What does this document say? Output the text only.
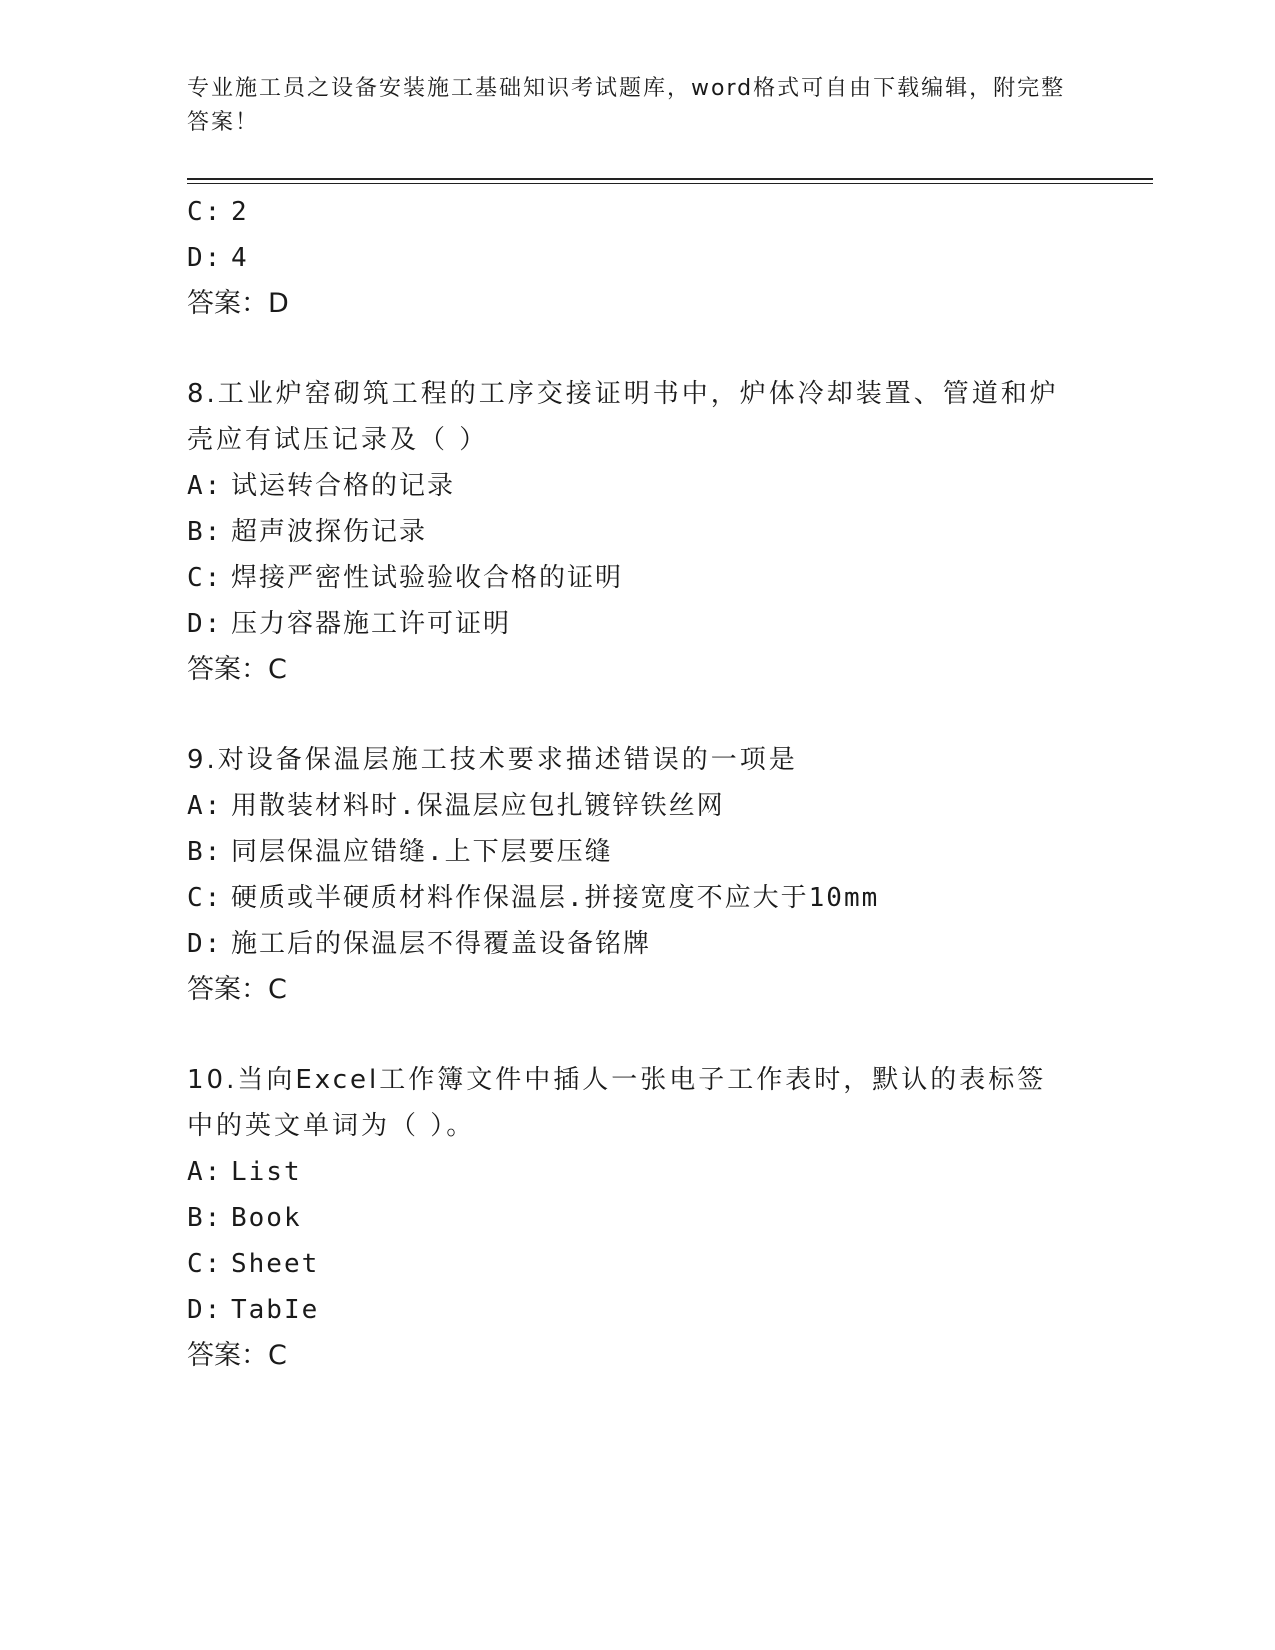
专业施工员之设备安装施工基础知识考试题库，word格式可自由下载编辑，附完整答案！
C: 2
D: 4
答案：D
8.工业炉窑砌筑工程的工序交接证明书中，炉体冷却装置、管道和炉壳应有试压记录及（ ）
A: 试运转合格的记录
B: 超声波探伤记录
C: 焊接严密性试验验收合格的证明
D: 压力容器施工许可证明
答案：C
9.对设备保温层施工技术要求描述错误的一项是
A: 用散装材料时.保温层应包扎镀锌铁丝网
B: 同层保温应错缝.上下层要压缝
C: 硬质或半硬质材料作保温层.拼接宽度不应大于10mm
D: 施工后的保温层不得覆盖设备铭牌
答案：C
10.当向Excel工作簿文件中插人一张电子工作表时，默认的表标签中的英文单词为（ ）。
A: List
B: Book
C: Sheet
D: TabIe
答案：C
